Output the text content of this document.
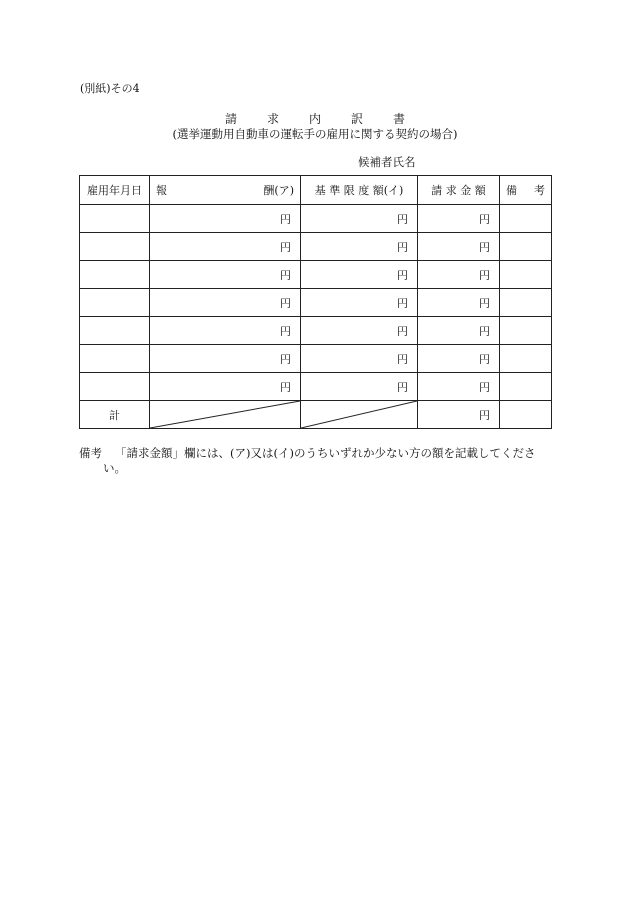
(別紙)その4
請	求	内	訳	書
(選挙運動用自動車の運転手の雇用に関する契約の場合)
候補者氏名
雇用年月日	報 酬(ア)	基 準 限 度 額(イ)	請 求 金 額	備 考

	円	円	円	
	円	円	円	
	円	円	円	
	円	円	円	
	円	円	円	
	円	円	円	
	円	円	円	
計			円	
備考 「請求金額」欄には、(ア)又は(イ)のうちいずれか少ない方の額を記載してくださ
い。
